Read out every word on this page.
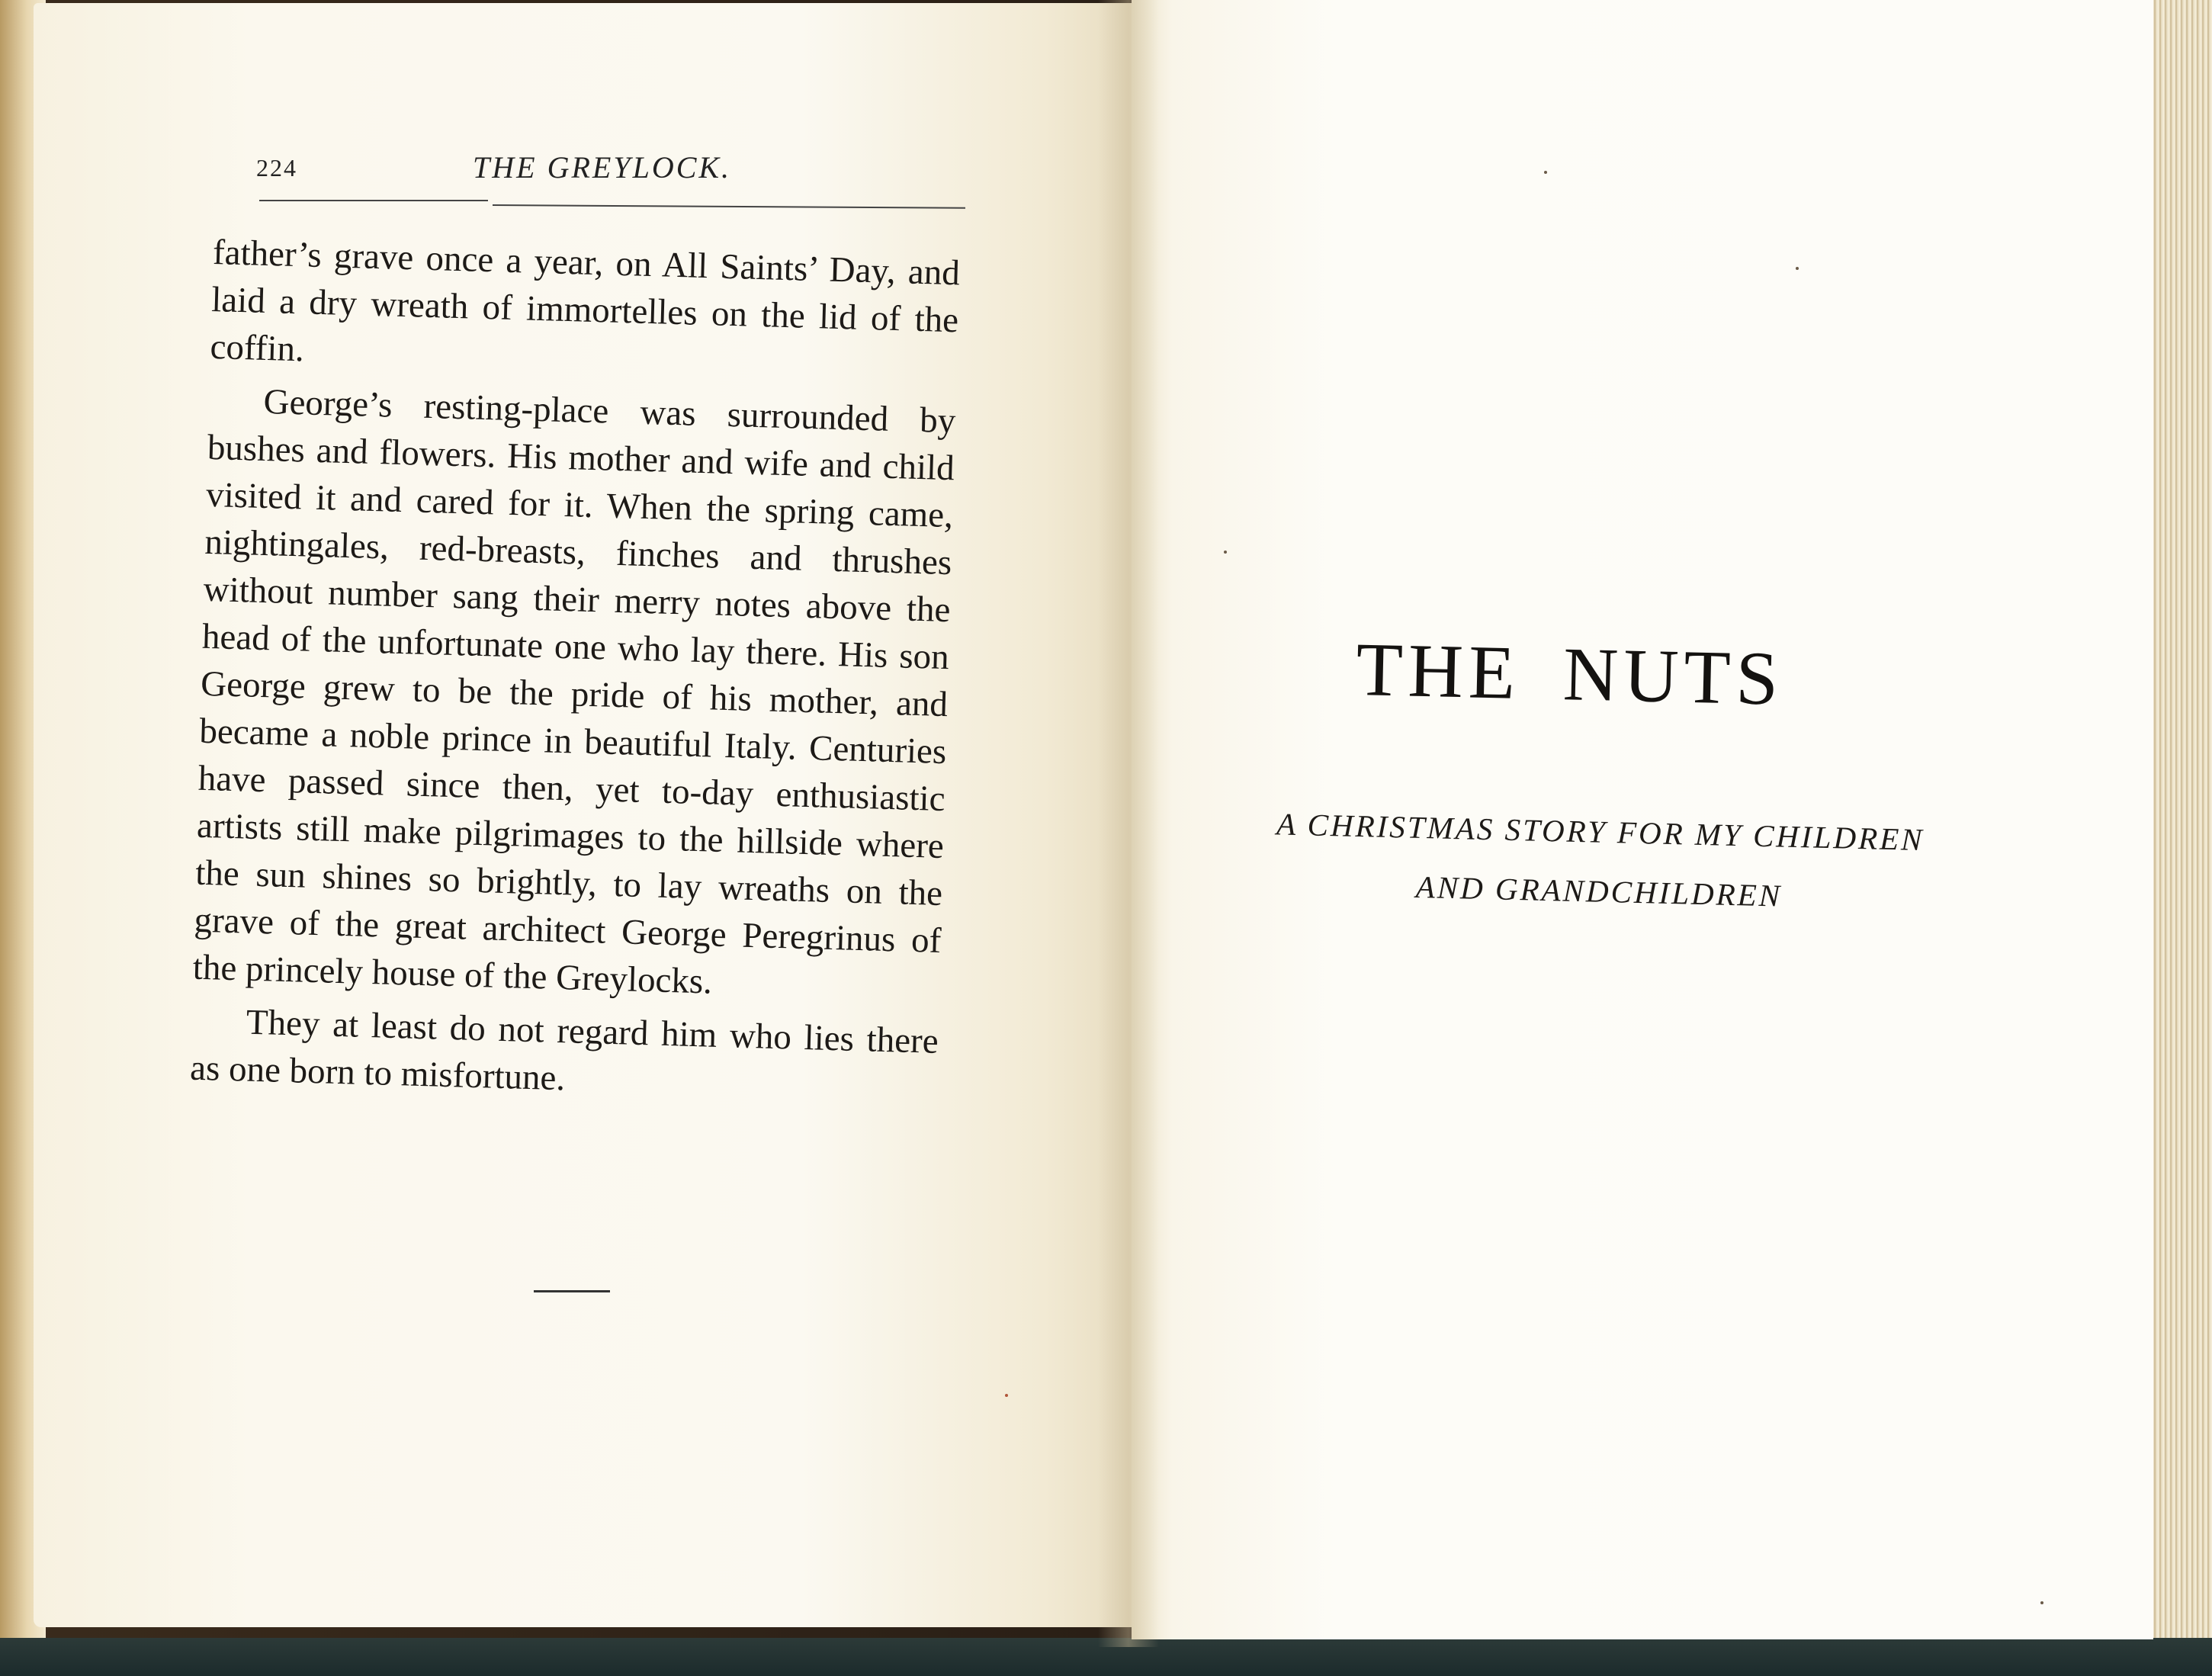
224	THE GREYLOCK.

father’s grave once a year, on All Saints’ Day, and laid a dry wreath of immortelles on the lid of the coffin.

George’s resting-place was surrounded by bushes and flowers. His mother and wife and child visited it and cared for it. When the spring came, nightingales, red-breasts, finches and thrushes without number sang their merry notes above the head of the unfortunate one who lay there. His son George grew to be the pride of his mother, and became a noble prince in beautiful Italy. Centuries have passed since then, yet to-day enthusiastic artists still make pilgrimages to the hillside where the sun shines so brightly, to lay wreaths on the grave of the great architect George Peregrinus of the princely house of the Greylocks.

They at least do not regard him who lies there as one born to misfortune.

THE NUTS
A CHRISTMAS STORY FOR MY CHILDREN
AND GRANDCHILDREN
